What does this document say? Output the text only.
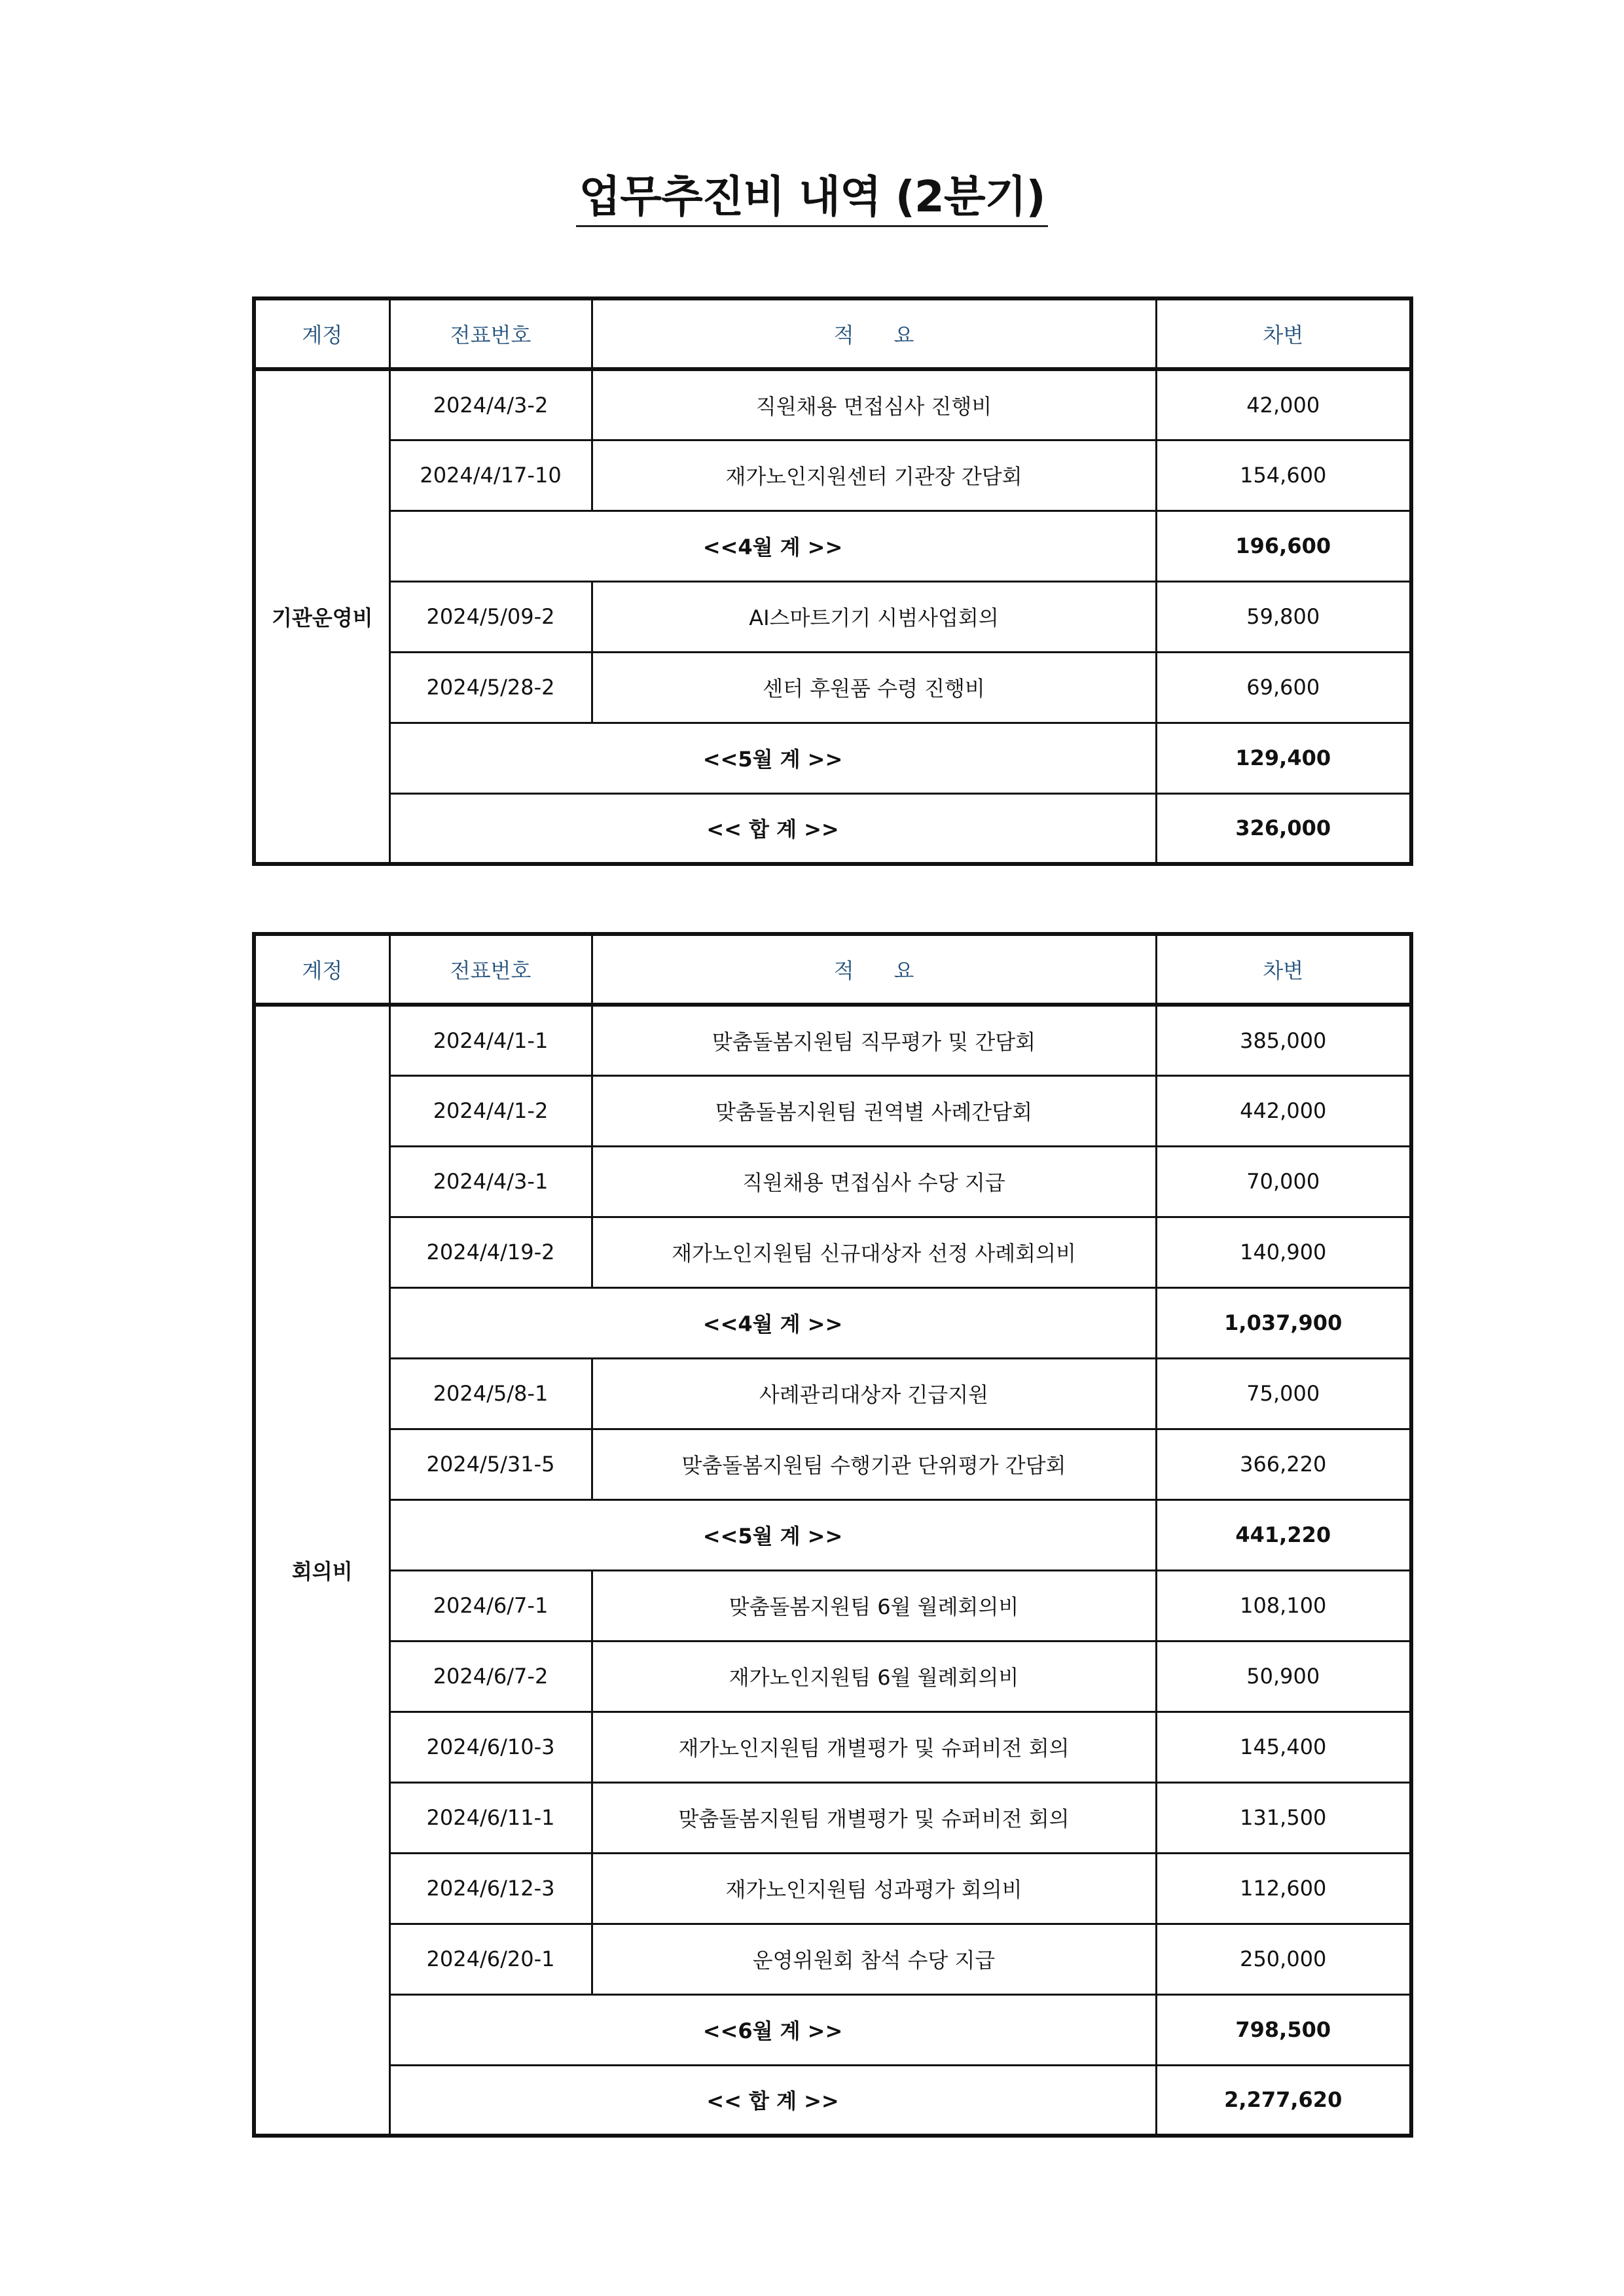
업무추진비 내역 (2분기)
계정	전표번호	적      요	차변
기관운영비	2024/4/3-2	직원채용 면접심사 진행비	42,000
	2024/4/17-10	재가노인지원센터 기관장 간담회	154,600
	<<4월 계 >>		196,600
	2024/5/09-2	AI스마트기기 시범사업회의	59,800
	2024/5/28-2	센터 후원품 수령 진행비	69,600
	<<5월 계 >>		129,400
	<< 합 계 >>		326,000
계정	전표번호	적      요	차변
회의비	2024/4/1-1	맞춤돌봄지원팀 직무평가 및 간담회	385,000
	2024/4/1-2	맞춤돌봄지원팀 권역별 사례간담회	442,000
	2024/4/3-1	직원채용 면접심사 수당 지급	70,000
	2024/4/19-2	재가노인지원팀 신규대상자 선정 사례회의비	140,900
	<<4월 계 >>		1,037,900
	2024/5/8-1	사례관리대상자 긴급지원	75,000
	2024/5/31-5	맞춤돌봄지원팀 수행기관 단위평가 간담회	366,220
	<<5월 계 >>		441,220
	2024/6/7-1	맞춤돌봄지원팀 6월 월례회의비	108,100
	2024/6/7-2	재가노인지원팀 6월 월례회의비	50,900
	2024/6/10-3	재가노인지원팀 개별평가 및 슈퍼비전 회의	145,400
	2024/6/11-1	맞춤돌봄지원팀 개별평가 및 슈퍼비전 회의	131,500
	2024/6/12-3	재가노인지원팀 성과평가 회의비	112,600
	2024/6/20-1	운영위원회 참석 수당 지급	250,000
	<<6월 계 >>		798,500
	<< 합 계 >>		2,277,620
